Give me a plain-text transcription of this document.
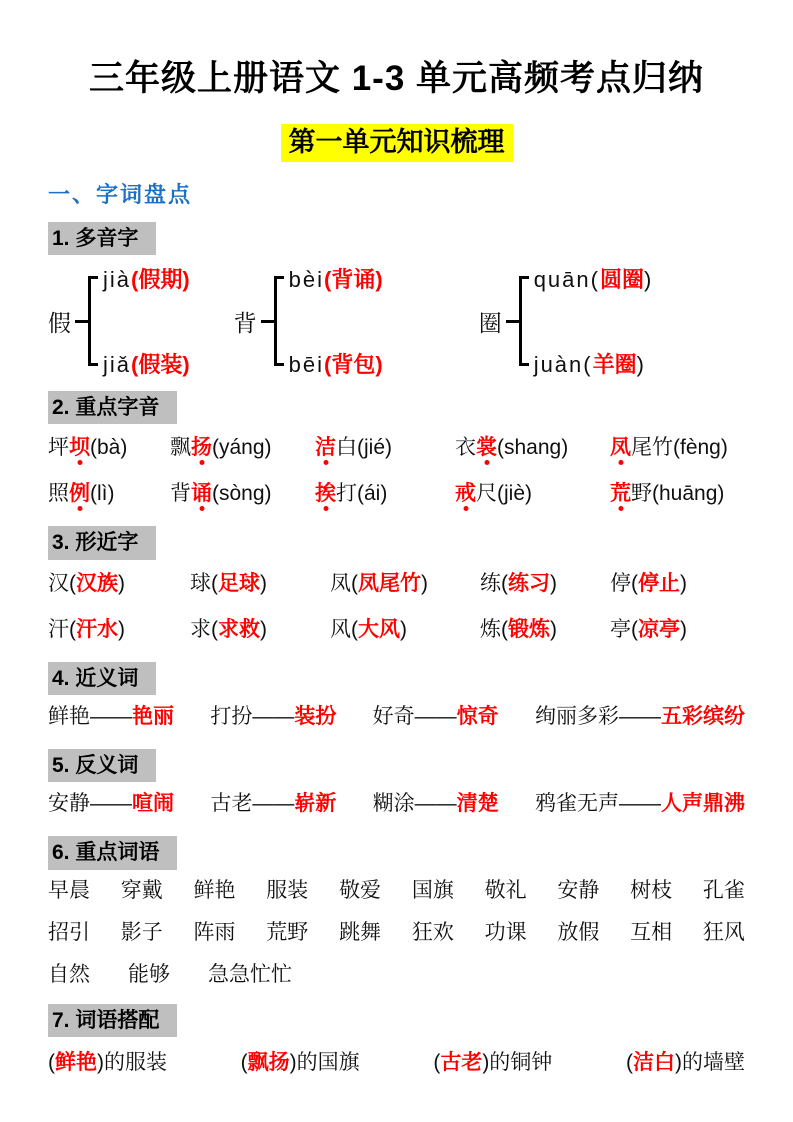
三年级上册语文 1-3 单元高频考点归纳
第一单元知识梳理
一、字词盘点
1. 多音字
假
jià(假期)
jiǎ(假装)
背
bèi(背诵)
bēi(背包)
圈
quān(圆圈)
juàn(羊圈)
2. 重点字音
坪坝(bà)	飘扬(yáng)	洁白(jié)	衣裳(shang)	凤尾竹(fèng)
照例(lì)	背诵(sòng)	挨打(ái)	戒尺(jiè)	荒野(huāng)
3. 形近字
汉(汉族)	球(足球)	凤(凤尾竹)	练(练习)	停(停止)
汗(汗水)	求(求救)	风(大风)	炼(锻炼)	亭(凉亭)
4. 近义词
鲜艳——艳丽 打扮——装扮 好奇——惊奇 绚丽多彩——五彩缤纷
5. 反义词
安静——喧闹 古老——崭新 糊涂——清楚 鸦雀无声——人声鼎沸
6. 重点词语
早晨 穿戴 鲜艳 服装 敬爱 国旗 敬礼 安静 树枝 孔雀
招引 影子 阵雨 荒野 跳舞 狂欢 功课 放假 互相 狂风
自然 能够 急急忙忙
7. 词语搭配
(鲜艳)的服装	(飘扬)的国旗	(古老)的铜钟	(洁白)的墙壁
